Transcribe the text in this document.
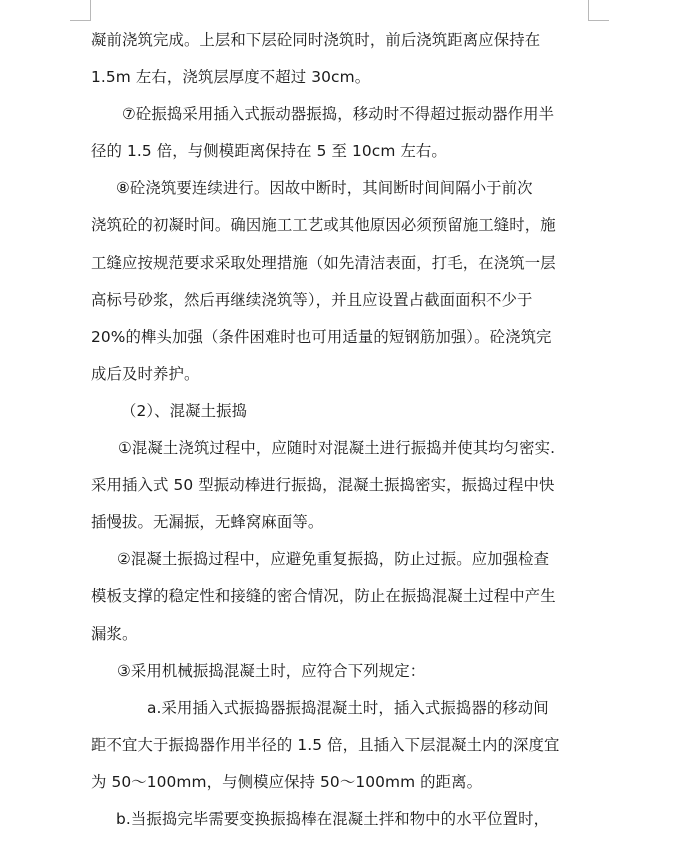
凝前浇筑完成。上层和下层砼同时浇筑时，前后浇筑距离应保持在
1.5m 左右，浇筑层厚度不超过 30cm。
⑦砼振捣采用插入式振动器振捣，移动时不得超过振动器作用半
径的 1.5 倍，与侧模距离保持在 5 至 10cm 左右。
⑧砼浇筑要连续进行。因故中断时，其间断时间间隔小于前次
浇筑砼的初凝时间。确因施工工艺或其他原因必须预留施工缝时，施
工缝应按规范要求采取处理措施（如先清洁表面，打毛，在浇筑一层
高标号砂浆，然后再继续浇筑等），并且应设置占截面面积不少于
20%的榫头加强（条件困难时也可用适量的短钢筋加强）。砼浇筑完
成后及时养护。
（2）、混凝土振捣
①混凝土浇筑过程中，应随时对混凝土进行振捣并使其均匀密实.
采用插入式 50 型振动棒进行振捣，混凝土振捣密实，振捣过程中快
插慢拔。无漏振，无蜂窝麻面等。
②混凝土振捣过程中，应避免重复振捣，防止过振。应加强检查
模板支撑的稳定性和接缝的密合情况，防止在振捣混凝土过程中产生
漏浆。
③采用机械振捣混凝土时，应符合下列规定：
a.采用插入式振捣器振捣混凝土时，插入式振捣器的移动间
距不宜大于振捣器作用半径的 1.5 倍，且插入下层混凝土内的深度宜
为 50～100mm，与侧模应保持 50～100mm 的距离。
b.当振捣完毕需要变换振捣棒在混凝土拌和物中的水平位置时，
